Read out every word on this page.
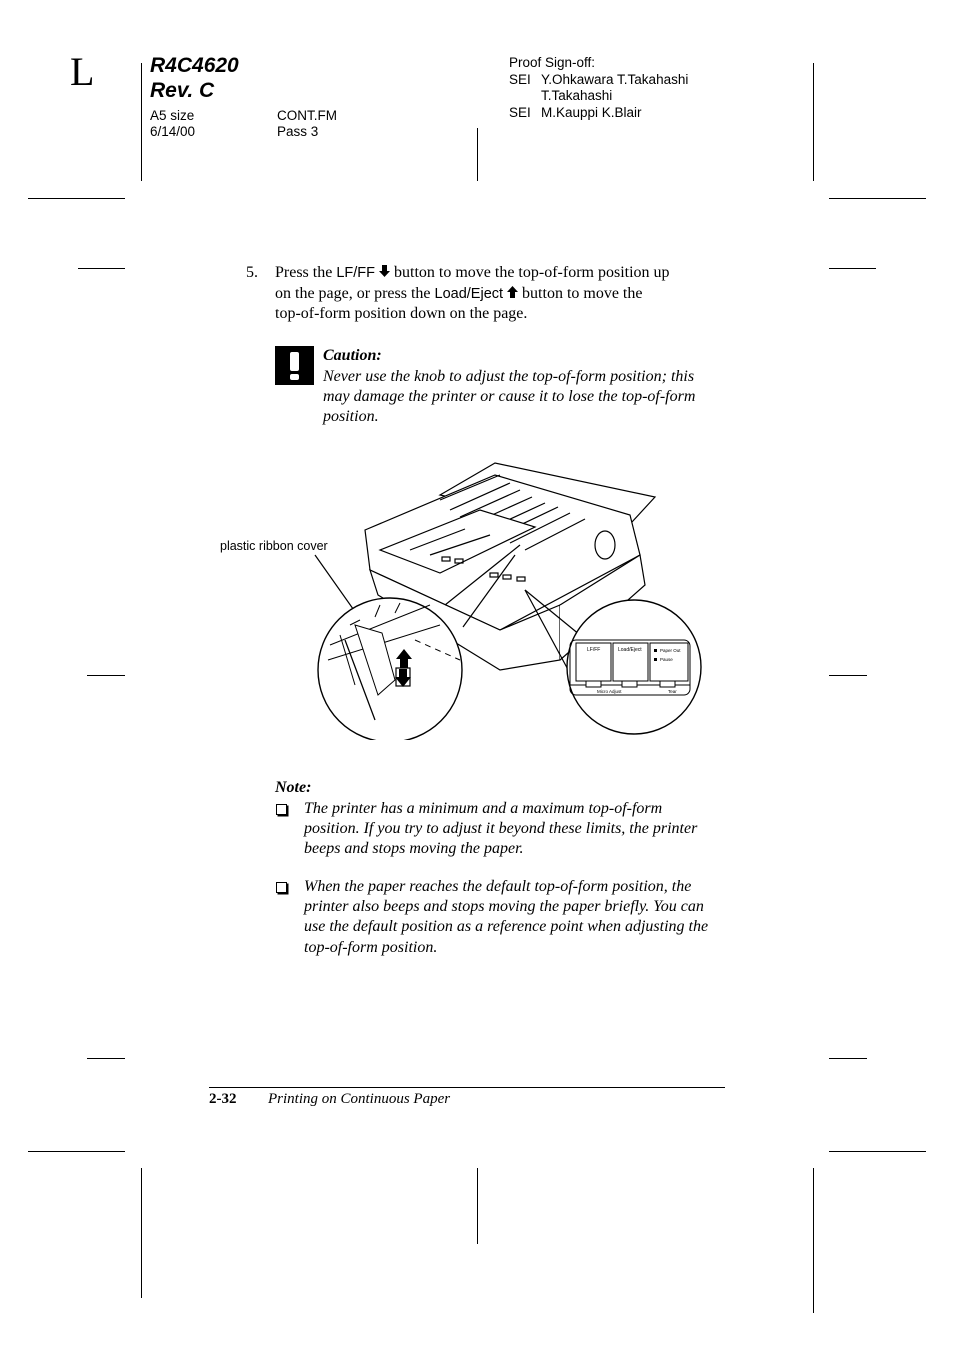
L	R4C4620
Rev. C
A5 size
6/14/00
CONT.FM
Pass 3
Proof Sign-off:
SEI Y.Ohkawara T.Takahashi
T.Takahashi
SEI M.Kauppi K.Blair
5. Press the LF/FF button to move the top-of-form position up
on the page, or press the Load/Eject button to move the
top-of-form position down on the page.
Caution:
Never use the knob to adjust the top-of-form position; this
may damage the printer or cause it to lose the top-of-form
position.
plastic ribbon cover
LF/FF	Load/Eject	Paper Out
Pause
Micro Adjust	Tear
Note:
The printer has a minimum and a maximum top-of-form
position. If you try to adjust it beyond these limits, the printer
beeps and stops moving the paper.
When the paper reaches the default top-of-form position, the
printer also beeps and stops moving the paper briefly. You can
use the default position as a reference point when adjusting the
top-of-form position.
2-32 Printing on Continuous Paper
